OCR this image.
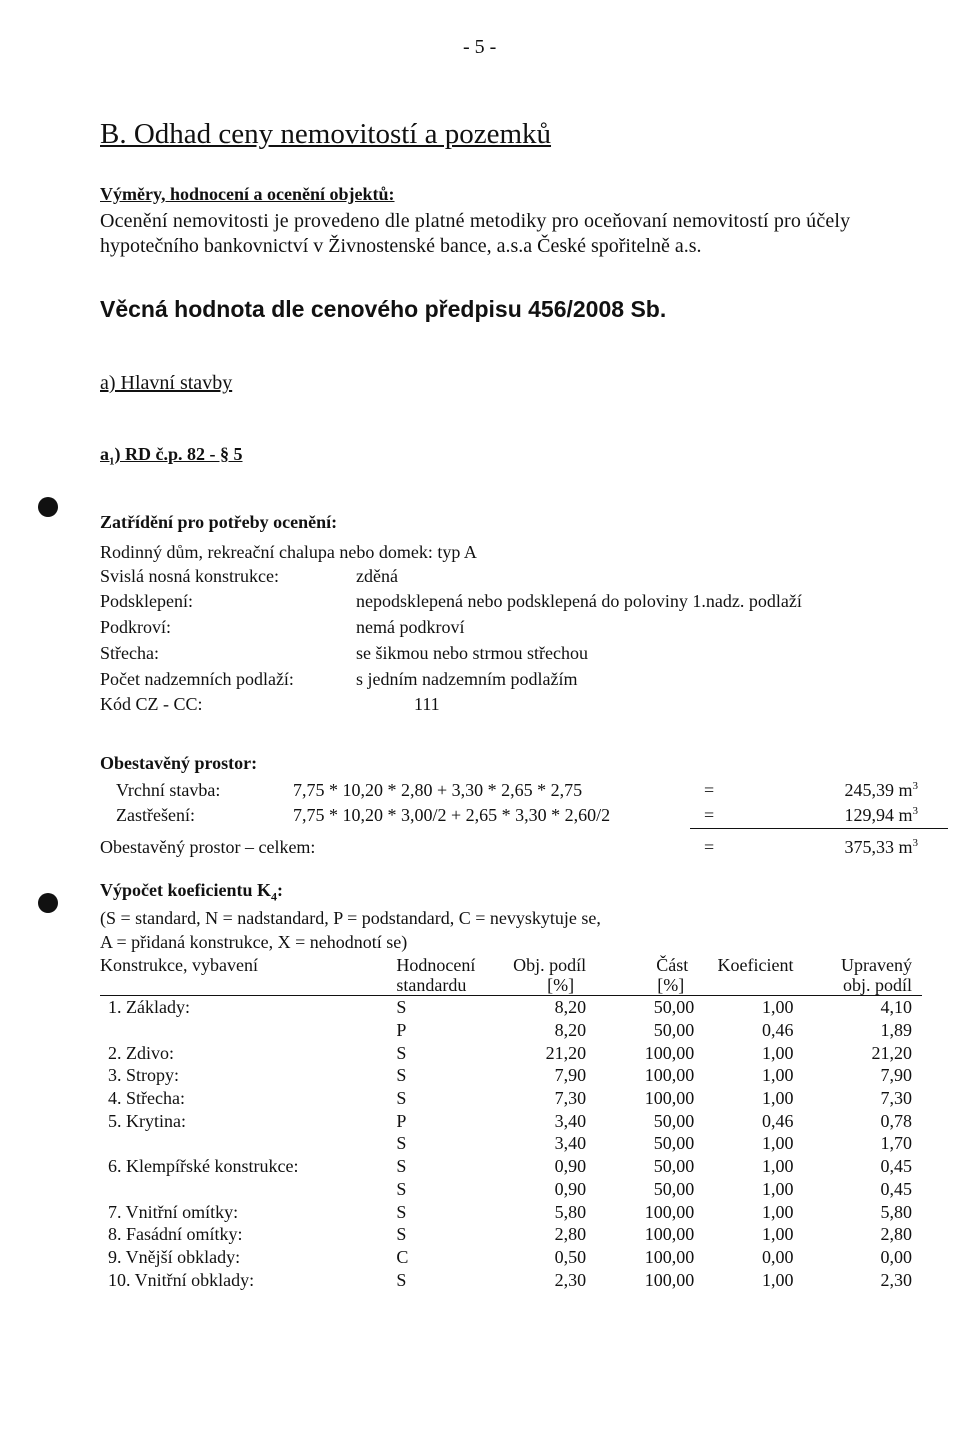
- 5 -
B. Odhad ceny nemovitostí a pozemků
Výměry, hodnocení a ocenění objektů:
Ocenění nemovitosti je provedeno dle platné metodiky pro oceňovaní nemovitostí pro účely
hypotečního bankovnictví v Živnostenské bance, a.s.a České spořitelně a.s.
Věcná hodnota dle cenového předpisu 456/2008 Sb.
a) Hlavní stavby
$a_1$) RD č.p. 82 - § 5
Zatřídění pro potřeby ocenění:
Rodinný dům, rekreační chalupa nebo domek: typ A
Svislá nosná konstrukce:	zděná
Podsklepení:	nepodsklepená nebo podsklepená do poloviny 1.nadz. podlaží
Podkroví:	nemá podkroví
Střecha:	se šikmou nebo strmou střechou
Počet nadzemních podlaží:	s jedním nadzemním podlažím
Kód CZ - CC:	111
Obestavěný prostor:
Vrchní stavba:	7,75 * 10,20 * 2,80 + 3,30 * 2,65 * 2,75	=	245,39 $m^3$
Zastřešení:	7,75 * 10,20 * 3,00/2 + 2,65 * 3,30 * 2,60/2	=	129,94 $m^3$
Obestavěný prostor – celkem:	=	375,33 $m^3$
Výpočet koeficientu $K_4$:
(S = standard, N = nadstandard, P = podstandard, C = nevyskytuje se,
A = přidaná konstrukce, X = nehodnotí se)
Konstrukce, vybavení	Hodnocení	Obj. podíl	Část	Koeficient	Upravený
	standardu	[%]	[%]		obj. podíl
1. Základy:	S	8,20	50,00	1,00	4,10
	P	8,20	50,00	0,46	1,89
2. Zdivo:	S	21,20	100,00	1,00	21,20
3. Stropy:	S	7,90	100,00	1,00	7,90
4. Střecha:	S	7,30	100,00	1,00	7,30
5. Krytina:	P	3,40	50,00	0,46	0,78
	S	3,40	50,00	1,00	1,70
6. Klempířské konstrukce:	S	0,90	50,00	1,00	0,45
	S	0,90	50,00	1,00	0,45
7. Vnitřní omítky:	S	5,80	100,00	1,00	5,80
8. Fasádní omítky:	S	2,80	100,00	1,00	2,80
9. Vnější obklady:	C	0,50	100,00	0,00	0,00
10. Vnitřní obklady:	S	2,30	100,00	1,00	2,30
